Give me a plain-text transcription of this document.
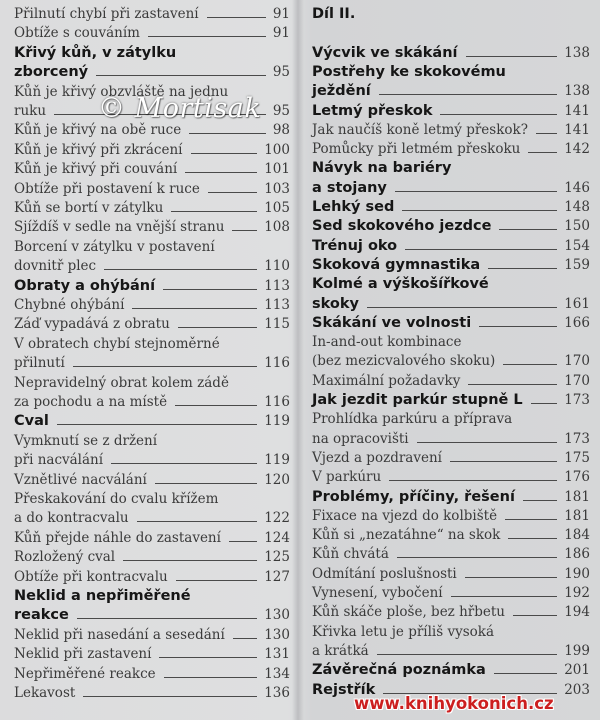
Přilnutí chybí při zastavení	91
Obtíže s couváním	91
Křivý kůň, v zátylku
zborcený	95
Kůň je křivý obzvláště na jednu
ruku	95
Kůň je křivý na obě ruce	98
Kůň je křivý při zkrácení	100
Kůň je křivý při couvání	101
Obtíže při postavení k ruce	103
Kůň se bortí v zátylku	105
Sjíždíš v sedle na vnější stranu	108
Borcení v zátylku v postavení
dovnitř plec	110
Obraty a ohýbání	113
Chybné ohýbání	113
Záď vypadává z obratu	115
V obratech chybí stejnoměrné
přilnutí	116
Nepravidelný obrat kolem zádě
za pochodu a na místě	116
Cval	119
Vymknutí se z držení
při nacválání	119
Vznětlivé nacválání	120
Přeskakování do cvalu křížem
a do kontracvalu	122
Kůň přejde náhle do zastavení	124
Rozložený cval	125
Obtíže při kontracvalu	127
Neklid a nepřiměřené
reakce	130
Neklid při nasedání a sesedání	130
Neklid při zastavení	131
Nepřiměřené reakce	134
Lekavost	136
Díl II.
Výcvik ve skákání	138
Postřehy ke skokovému
ježdění	138
Letmý přeskok	141
Jak naučíš koně letmý přeskok?	141
Pomůcky při letmém přeskoku	142
Návyk na bariéry
a stojany	146
Lehký sed	148
Sed skokového jezdce	150
Trénuj oko	154
Skoková gymnastika	159
Kolmé a výškošířkové
skoky	161
Skákání ve volnosti	166
In-and-out kombinace
(bez mezicvalového skoku)	170
Maximální požadavky	170
Jak jezdit parkúr stupně L	173
Prohlídka parkúru a příprava
na opracovišti	173
Vjezd a pozdravení	175
V parkúru	176
Problémy, příčiny, řešení	181
Fixace na vjezd do kolbiště	181
Kůň si „nezatáhne“ na skok	184
Kůň chvátá	186
Odmítání poslušnosti	190
Vynesení, vybočení	192
Kůň skáče ploše, bez hřbetu	194
Křivka letu je příliš vysoká
a krátká	199
Závěrečná poznámka	201
Rejstřík	203
© Mortisak
www.knihyokonich.cz
